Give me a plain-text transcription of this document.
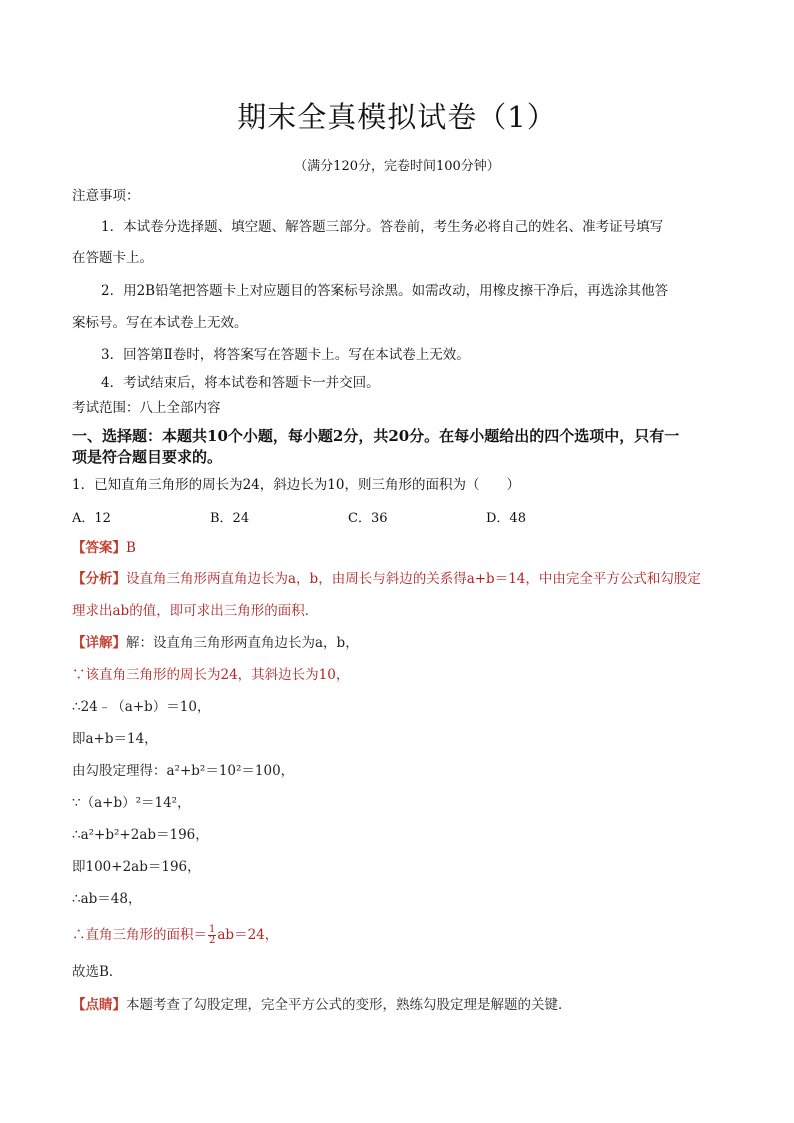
期末全真模拟试卷（1）
（满分120分，完卷时间100分钟）
注意事项：
1．本试卷分选择题、填空题、解答题三部分。答卷前，考生务必将自己的姓名、准考证号填写
在答题卡上。
2．用2B铅笔把答题卡上对应题目的答案标号涂黑。如需改动，用橡皮擦干净后，再选涂其他答
案标号。写在本试卷上无效。
3．回答第Ⅱ卷时，将答案写在答题卡上。写在本试卷上无效。
4．考试结束后，将本试卷和答题卡一并交回。
考试范围：八上全部内容
一、选择题：本题共10个小题，每小题2分，共20分。在每小题给出的四个选项中，只有一
项是符合题目要求的。
1．已知直角三角形的周长为24，斜边长为10，则三角形的面积为（　　）
A．12	B．24	C．36	D．48
【答案】B
【分析】设直角三角形两直角边长为a，b，由周长与斜边的关系得a+b＝14，中由完全平方公式和勾股定
理求出ab的值，即可求出三角形的面积．
【详解】解：设直角三角形两直角边长为a，b，
∵该直角三角形的周长为24，其斜边长为10，
∴24﹣（a+b）＝10，
即a+b＝14，
由勾股定理得：a²+b²＝10²＝100，
∵（a+b）²＝14²，
∴a²+b²+2ab＝196，
即100+2ab＝196，
∴ab＝48，
∴直角三角形的面积＝ $\frac{1}{2} ab=24$，
故选B．
【点睛】本题考查了勾股定理，完全平方公式的变形，熟练勾股定理是解题的关键．
